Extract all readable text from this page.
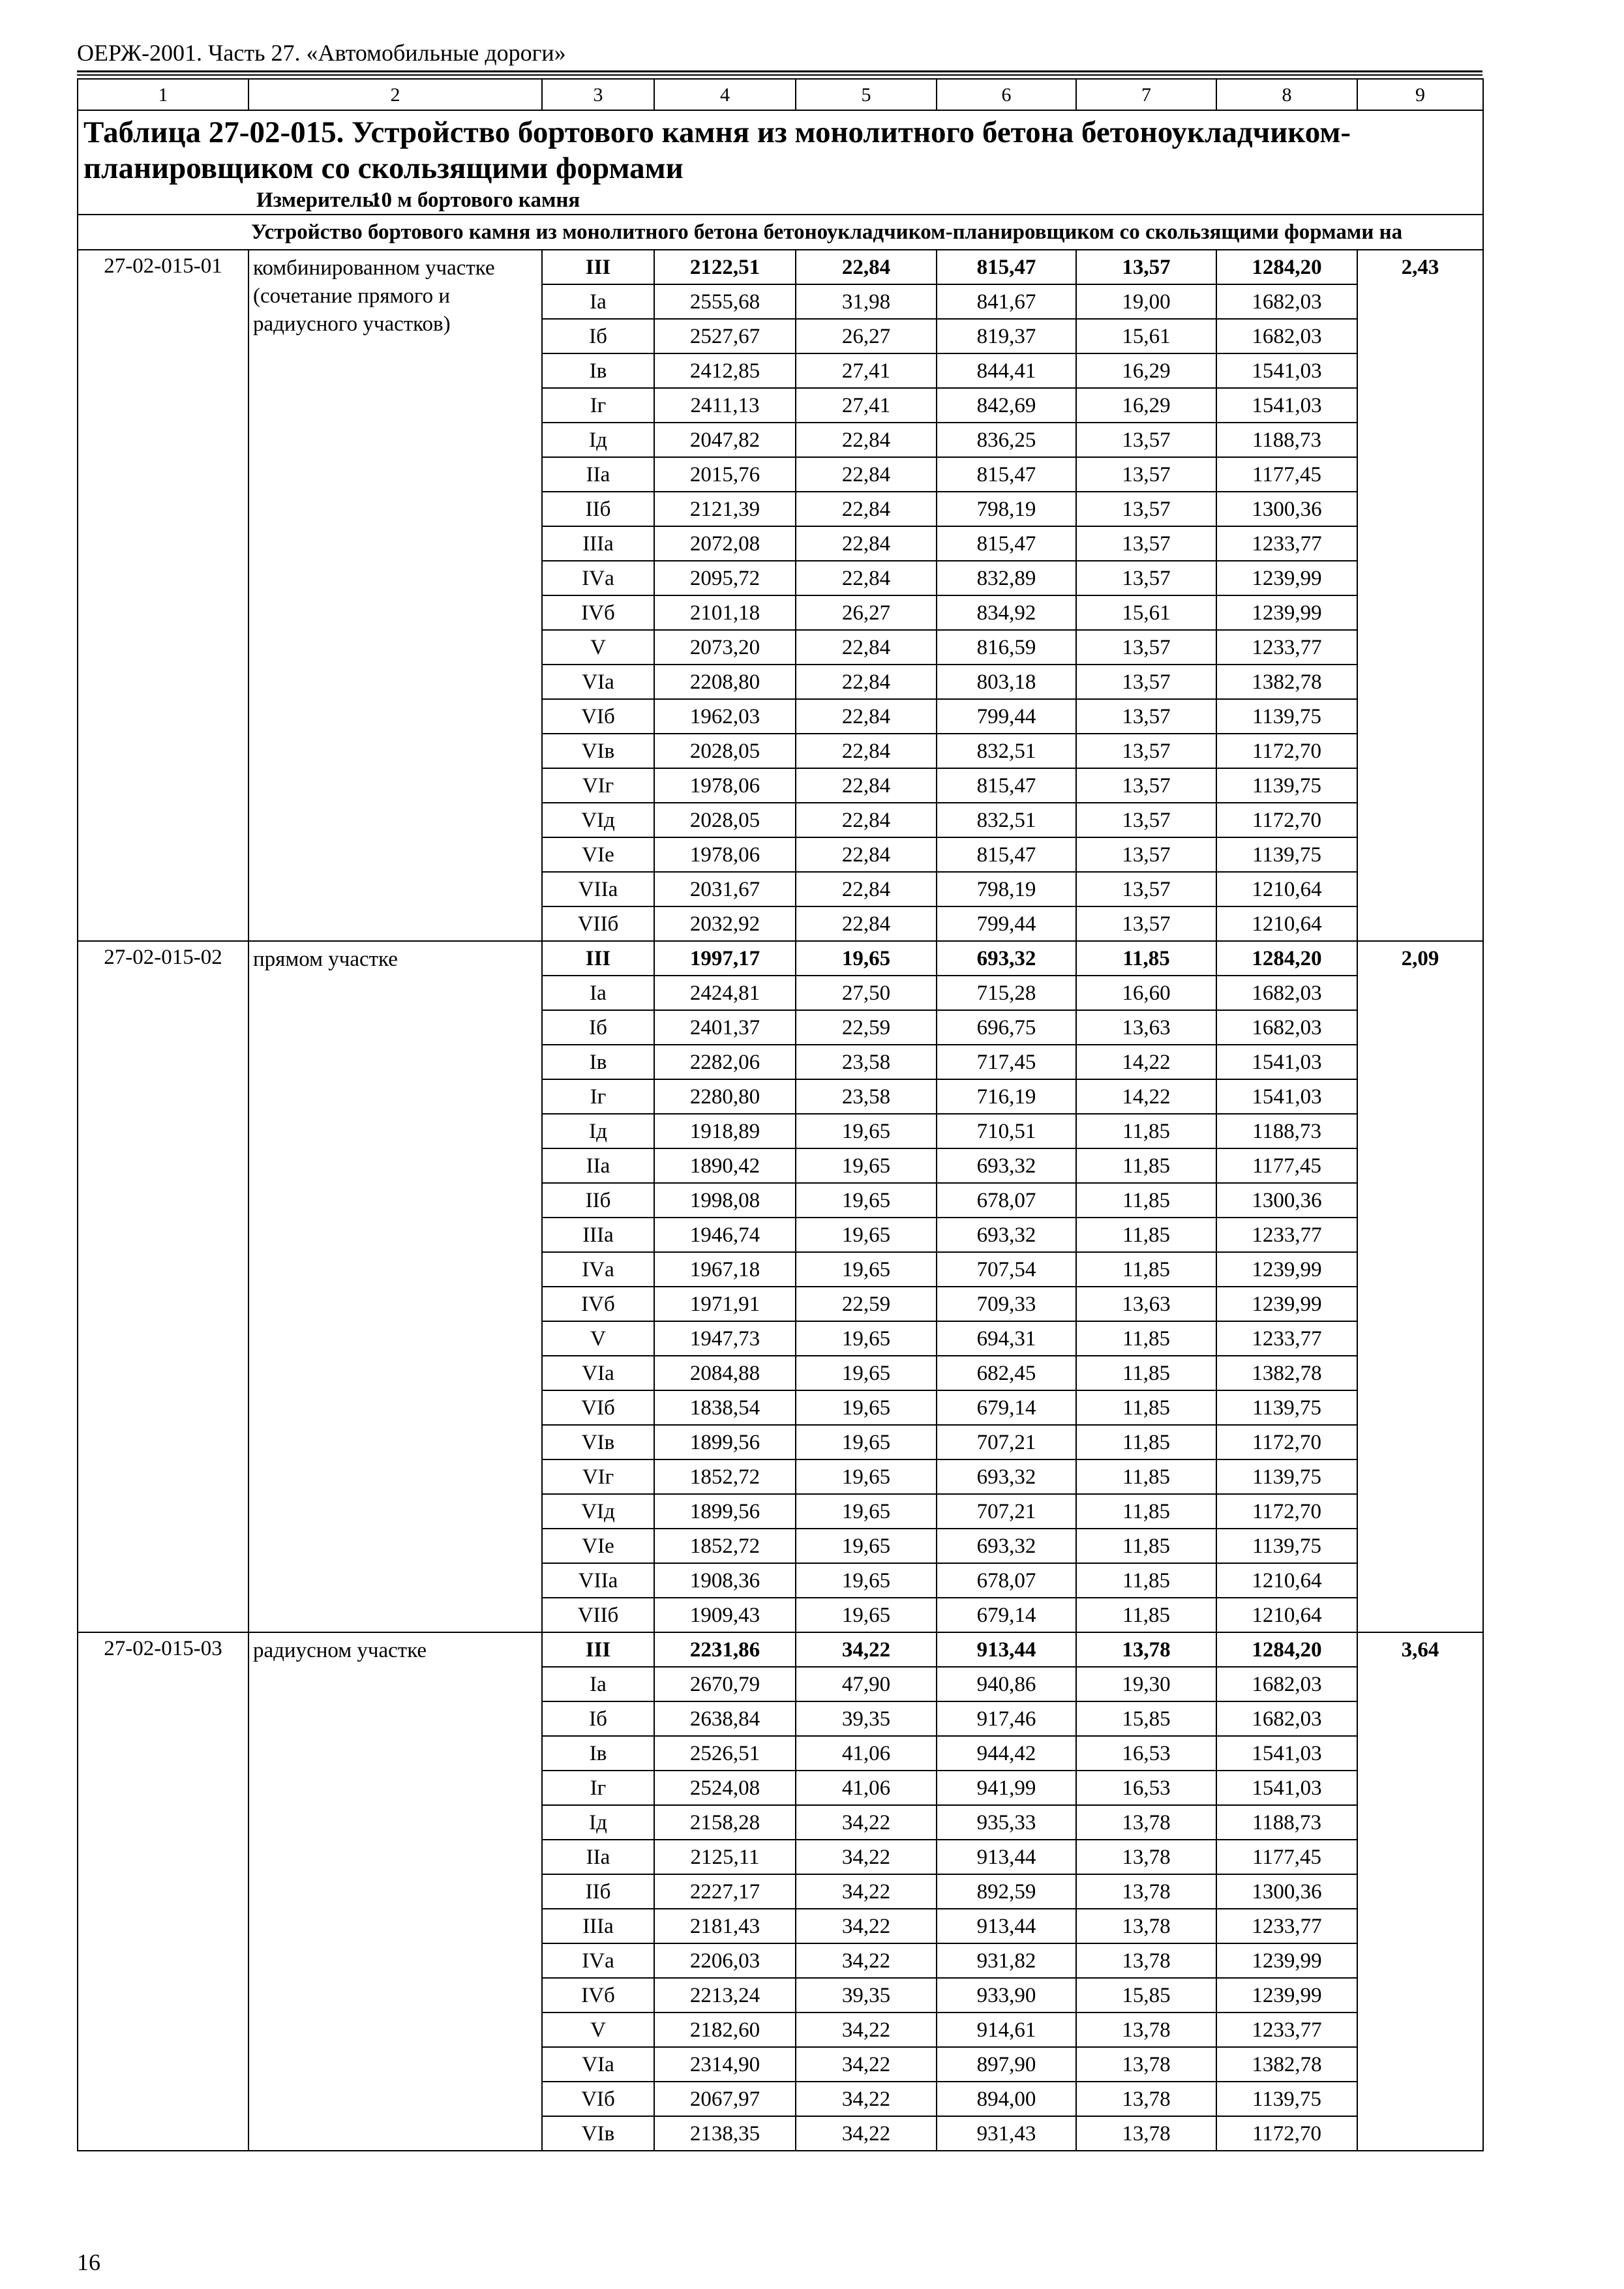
ОЕРЖ-2001. Часть 27. «Автомобильные дороги»
1	2	3	4	5	6	7	8	9

Таблица 27-02-015. Устройство бортового камня из монолитного бетона бетоноукладчиком-планировщиком со скользящими формами
Измеритель:
10 м бортового камня								

Устройство бортового камня из монолитного бетона бетоноукладчиком-планировщиком со скользящими формами на								

27-02-015-01	комбинированном участке (сочетание прямого и радиусного участков)	III	2122,51	22,84	815,47	13,57	1284,20	2,43
		Iа	2555,68	31,98	841,67	19,00	1682,03	
		Iб	2527,67	26,27	819,37	15,61	1682,03	
		Iв	2412,85	27,41	844,41	16,29	1541,03	
		Iг	2411,13	27,41	842,69	16,29	1541,03	
		Iд	2047,82	22,84	836,25	13,57	1188,73	
		IIа	2015,76	22,84	815,47	13,57	1177,45	
		IIб	2121,39	22,84	798,19	13,57	1300,36	
		IIIа	2072,08	22,84	815,47	13,57	1233,77	
		IVа	2095,72	22,84	832,89	13,57	1239,99	
		IVб	2101,18	26,27	834,92	15,61	1239,99	
		V	2073,20	22,84	816,59	13,57	1233,77	
		VIа	2208,80	22,84	803,18	13,57	1382,78	
		VIб	1962,03	22,84	799,44	13,57	1139,75	
		VIв	2028,05	22,84	832,51	13,57	1172,70	
		VIг	1978,06	22,84	815,47	13,57	1139,75	
		VIд	2028,05	22,84	832,51	13,57	1172,70	
		VIе	1978,06	22,84	815,47	13,57	1139,75	
		VIIа	2031,67	22,84	798,19	13,57	1210,64	
		VIIб	2032,92	22,84	799,44	13,57	1210,64	
27-02-015-02	прямом участке	III	1997,17	19,65	693,32	11,85	1284,20	2,09
		Iа	2424,81	27,50	715,28	16,60	1682,03	
		Iб	2401,37	22,59	696,75	13,63	1682,03	
		Iв	2282,06	23,58	717,45	14,22	1541,03	
		Iг	2280,80	23,58	716,19	14,22	1541,03	
		Iд	1918,89	19,65	710,51	11,85	1188,73	
		IIа	1890,42	19,65	693,32	11,85	1177,45	
		IIб	1998,08	19,65	678,07	11,85	1300,36	
		IIIа	1946,74	19,65	693,32	11,85	1233,77	
		IVа	1967,18	19,65	707,54	11,85	1239,99	
		IVб	1971,91	22,59	709,33	13,63	1239,99	
		V	1947,73	19,65	694,31	11,85	1233,77	
		VIа	2084,88	19,65	682,45	11,85	1382,78	
		VIб	1838,54	19,65	679,14	11,85	1139,75	
		VIв	1899,56	19,65	707,21	11,85	1172,70	
		VIг	1852,72	19,65	693,32	11,85	1139,75	
		VIд	1899,56	19,65	707,21	11,85	1172,70	
		VIе	1852,72	19,65	693,32	11,85	1139,75	
		VIIа	1908,36	19,65	678,07	11,85	1210,64	
		VIIб	1909,43	19,65	679,14	11,85	1210,64	
27-02-015-03	радиусном участке	III	2231,86	34,22	913,44	13,78	1284,20	3,64
		Iа	2670,79	47,90	940,86	19,30	1682,03	
		Iб	2638,84	39,35	917,46	15,85	1682,03	
		Iв	2526,51	41,06	944,42	16,53	1541,03	
		Iг	2524,08	41,06	941,99	16,53	1541,03	
		Iд	2158,28	34,22	935,33	13,78	1188,73	
		IIа	2125,11	34,22	913,44	13,78	1177,45	
		IIб	2227,17	34,22	892,59	13,78	1300,36	
		IIIа	2181,43	34,22	913,44	13,78	1233,77	
		IVа	2206,03	34,22	931,82	13,78	1239,99	
		IVб	2213,24	39,35	933,90	15,85	1239,99	
		V	2182,60	34,22	914,61	13,78	1233,77	
		VIа	2314,90	34,22	897,90	13,78	1382,78	
		VIб	2067,97	34,22	894,00	13,78	1139,75	
		VIв	2138,35	34,22	931,43	13,78	1172,70	
16
